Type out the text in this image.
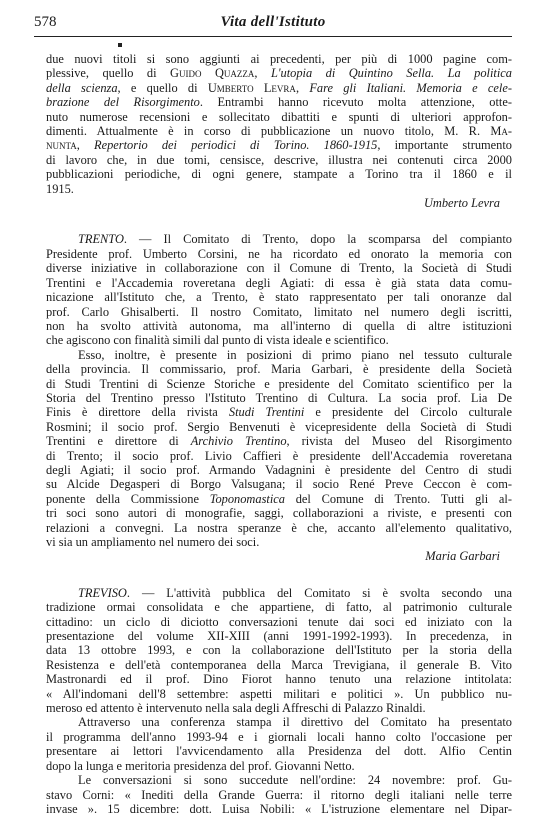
578	Vita dell'Istituto
due nuovi titoli si sono aggiunti ai precedenti, per più di 1000 pagine com-
plessive, quello di Guido Quazza, L'utopia di Quintino Sella. La politica
della scienza, e quello di Umberto Levra, Fare gli Italiani. Memoria e cele-
brazione del Risorgimento. Entrambi hanno ricevuto molta attenzione, otte-
nuto numerose recensioni e sollecitato dibattiti e spunti di ulteriori approfon-
dimenti. Attualmente è in corso di pubblicazione un nuovo titolo, M. R. Ma-
nunta, Repertorio dei periodici di Torino. 1860-1915, importante strumento
di lavoro che, in due tomi, censisce, descrive, illustra nei contenuti circa 2000
pubblicazioni periodiche, di ogni genere, stampate a Torino tra il 1860 e il
1915.
Umberto Levra
TRENTO. — Il Comitato di Trento, dopo la scomparsa del compianto
Presidente prof. Umberto Corsini, ne ha ricordato ed onorato la memoria con
diverse iniziative in collaborazione con il Comune di Trento, la Società di Studi
Trentini e l'Accademia roveretana degli Agiati: di essa è già stata data comu-
nicazione all'Istituto che, a Trento, è stato rappresentato per tali onoranze dal
prof. Carlo Ghisalberti. Il nostro Comitato, limitato nel numero degli iscritti,
non ha svolto attività autonoma, ma all'interno di quella di altre istituzioni
che agiscono con finalità simili dal punto di vista ideale e scientifico.
Esso, inoltre, è presente in posizioni di primo piano nel tessuto culturale
della provincia. Il commissario, prof. Maria Garbari, è presidente della Società
di Studi Trentini di Scienze Storiche e presidente del Comitato scientifico per la
Storia del Trentino presso l'Istituto Trentino di Cultura. La socia prof. Lia De
Finis è direttore della rivista Studi Trentini e presidente del Circolo culturale
Rosmini; il socio prof. Sergio Benvenuti è vicepresidente della Società di Studi
Trentini e direttore di Archivio Trentino, rivista del Museo del Risorgimento
di Trento; il socio prof. Livio Caffieri è presidente dell'Accademia roveretana
degli Agiati; il socio prof. Armando Vadagnini è presidente del Centro di studi
su Alcide Degasperi di Borgo Valsugana; il socio René Preve Ceccon è com-
ponente della Commissione Toponomastica del Comune di Trento. Tutti gli al-
tri soci sono autori di monografie, saggi, collaborazioni a riviste, e presenti con
relazioni a convegni. La nostra speranze è che, accanto all'elemento qualitativo,
vi sia un ampliamento nel numero dei soci.
Maria Garbari
TREVISO. — L'attività pubblica del Comitato si è svolta secondo una
tradizione ormai consolidata e che appartiene, di fatto, al patrimonio culturale
cittadino: un ciclo di diciotto conversazioni tenute dai soci ed iniziato con la
presentazione del volume XII-XIII (anni 1991-1992-1993). In precedenza, in
data 13 ottobre 1993, e con la collaborazione dell'Istituto per la storia della
Resistenza e dell'età contemporanea della Marca Trevigiana, il generale B. Vito
Mastronardi ed il prof. Dino Fiorot hanno tenuto una relazione intitolata:
« All'indomani dell'8 settembre: aspetti militari e politici ». Un pubblico nu-
meroso ed attento è intervenuto nella sala degli Affreschi di Palazzo Rinaldi.
Attraverso una conferenza stampa il direttivo del Comitato ha presentato
il programma dell'anno 1993-94 e i giornali locali hanno colto l'occasione per
presentare ai lettori l'avvicendamento alla Presidenza del dott. Alfio Centin
dopo la lunga e meritoria presidenza del prof. Giovanni Netto.
Le conversazioni si sono succedute nell'ordine: 24 novembre: prof. Gu-
stavo Corni: « Inediti della Grande Guerra: il ritorno degli italiani nelle terre
invase ». 15 dicembre: dott. Luisa Nobili: « L'istruzione elementare nel Dipar-
